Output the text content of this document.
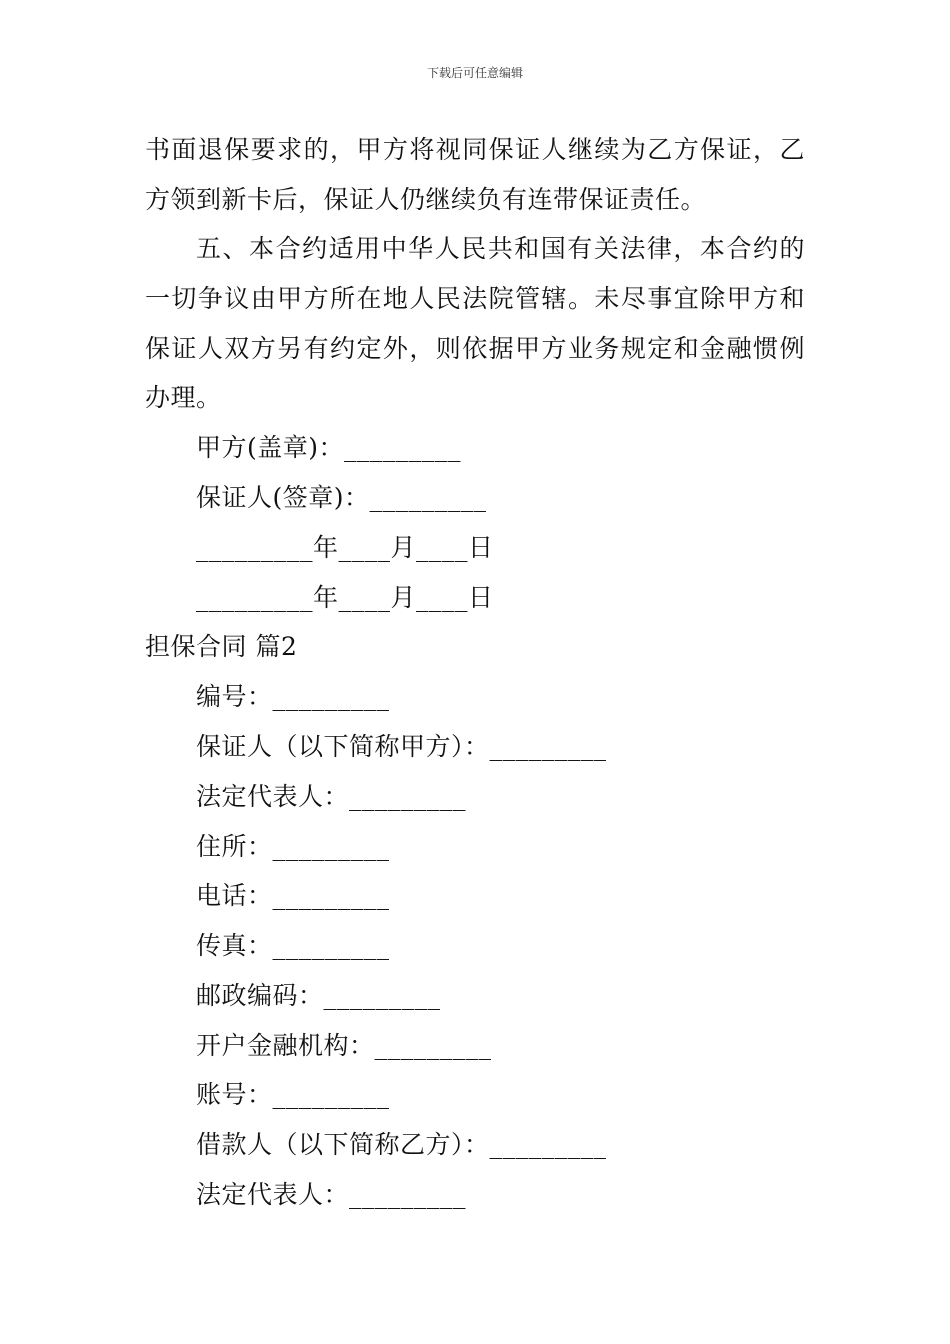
下载后可任意编辑
书面退保要求的，甲方将视同保证人继续为乙方保证，乙
方领到新卡后，保证人仍继续负有连带保证责任。
五、本合约适用中华人民共和国有关法律，本合约的
一切争议由甲方所在地人民法院管辖。未尽事宜除甲方和
保证人双方另有约定外，则依据甲方业务规定和金融惯例
办理。
甲方(盖章)：_________
保证人(签章)：_________
_________年____月____日
_________年____月____日
担保合同 篇2
编号：_________
保证人（以下简称甲方）：_________
法定代表人：_________
住所：_________
电话：_________
传真：_________
邮政编码：_________
开户金融机构：_________
账号：_________
借款人（以下简称乙方）：_________
法定代表人：_________
